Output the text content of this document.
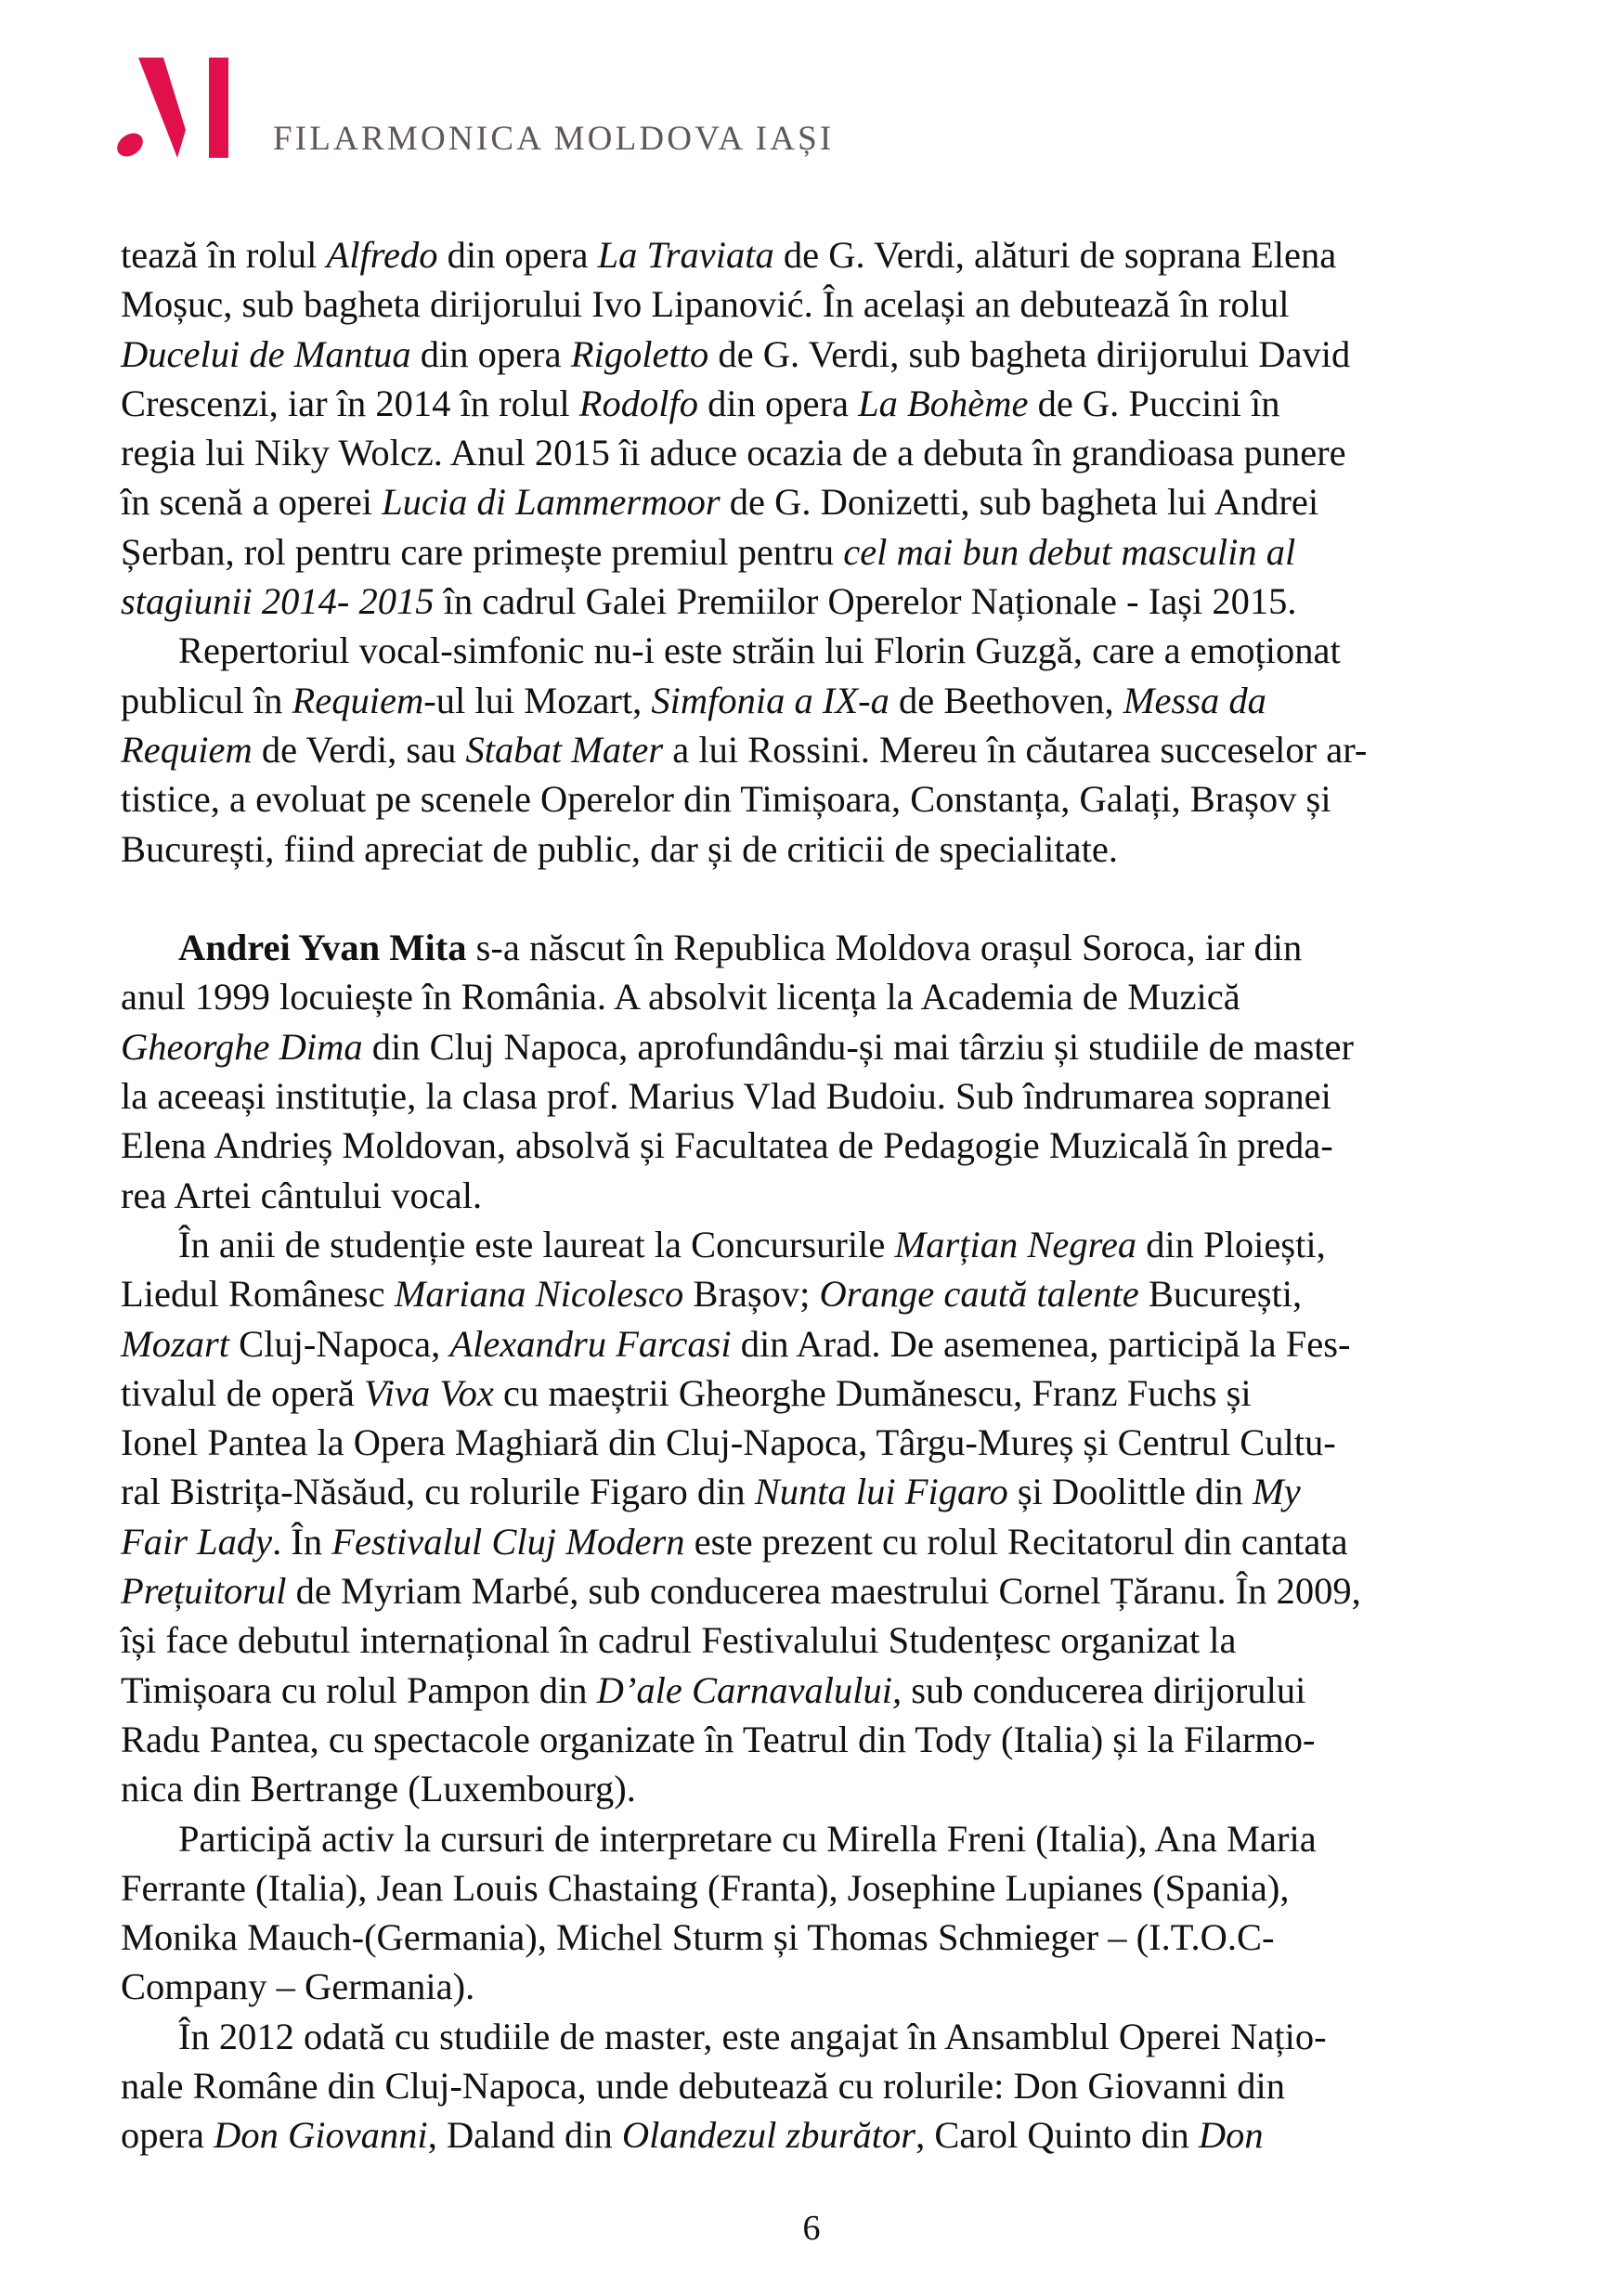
FILARMONICA MOLDOVA IAȘI
tează în rolul Alfredo din opera La Traviata de G. Verdi, alături de soprana Elena
Moșuc, sub bagheta dirijorului Ivo Lipanović. În același an debutează în rolul
Ducelui de Mantua din opera Rigoletto de G. Verdi, sub bagheta dirijorului David
Crescenzi, iar în 2014 în rolul Rodolfo din opera La Bohème de G. Puccini în
regia lui Niky Wolcz. Anul 2015 îi aduce ocazia de a debuta în grandioasa punere
în scenă a operei Lucia di Lammermoor de G. Donizetti, sub bagheta lui Andrei
Șerban, rol pentru care primește premiul pentru cel mai bun debut masculin al
stagiunii 2014- 2015 în cadrul Galei Premiilor Operelor Naționale - Iași 2015.
Repertoriul vocal-simfonic nu-i este străin lui Florin Guzgă, care a emoționat
publicul în Requiem-ul lui Mozart, Simfonia a IX-a de Beethoven, Messa da
Requiem de Verdi, sau Stabat Mater a lui Rossini. Mereu în căutarea succeselor ar-
tistice, a evoluat pe scenele Operelor din Timișoara, Constanța, Galați, Brașov și
București, fiind apreciat de public, dar și de criticii de specialitate.
Andrei Yvan Mita s-a născut în Republica Moldova orașul Soroca, iar din
anul 1999 locuiește în România. A absolvit licența la Academia de Muzică
Gheorghe Dima din Cluj Napoca, aprofundându-și mai târziu și studiile de master
la aceeași instituție, la clasa prof. Marius Vlad Budoiu. Sub îndrumarea sopranei
Elena Andrieș Moldovan, absolvă și Facultatea de Pedagogie Muzicală în preda-
rea Artei cântului vocal.
În anii de studenție este laureat la Concursurile Marțian Negrea din Ploiești,
Liedul Românesc Mariana Nicolesco Brașov; Orange caută talente București,
Mozart Cluj-Napoca, Alexandru Farcasi din Arad. De asemenea, participă la Fes-
tivalul de operă Viva Vox cu maeștrii Gheorghe Dumănescu, Franz Fuchs și
Ionel Pantea la Opera Maghiară din Cluj-Napoca, Târgu-Mureș și Centrul Cultu-
ral Bistrița-Năsăud, cu rolurile Figaro din Nunta lui Figaro și Doolittle din My
Fair Lady. În Festivalul Cluj Modern este prezent cu rolul Recitatorul din cantata
Prețuitorul de Myriam Marbé, sub conducerea maestrului Cornel Țăranu. În 2009,
își face debutul internațional în cadrul Festivalului Studențesc organizat la
Timișoara cu rolul Pampon din D’ale Carnavalului, sub conducerea dirijorului
Radu Pantea, cu spectacole organizate în Teatrul din Tody (Italia) și la Filarmo-
nica din Bertrange (Luxembourg).
Participă activ la cursuri de interpretare cu Mirella Freni (Italia), Ana Maria
Ferrante (Italia), Jean Louis Chastaing (Franta), Josephine Lupianes (Spania),
Monika Mauch-(Germania), Michel Sturm și Thomas Schmieger – (I.T.O.C-
Company – Germania).
În 2012 odată cu studiile de master, este angajat în Ansamblul Operei Națio-
nale Române din Cluj-Napoca, unde debutează cu rolurile: Don Giovanni din
opera Don Giovanni, Daland din Olandezul zburător, Carol Quinto din Don
6
